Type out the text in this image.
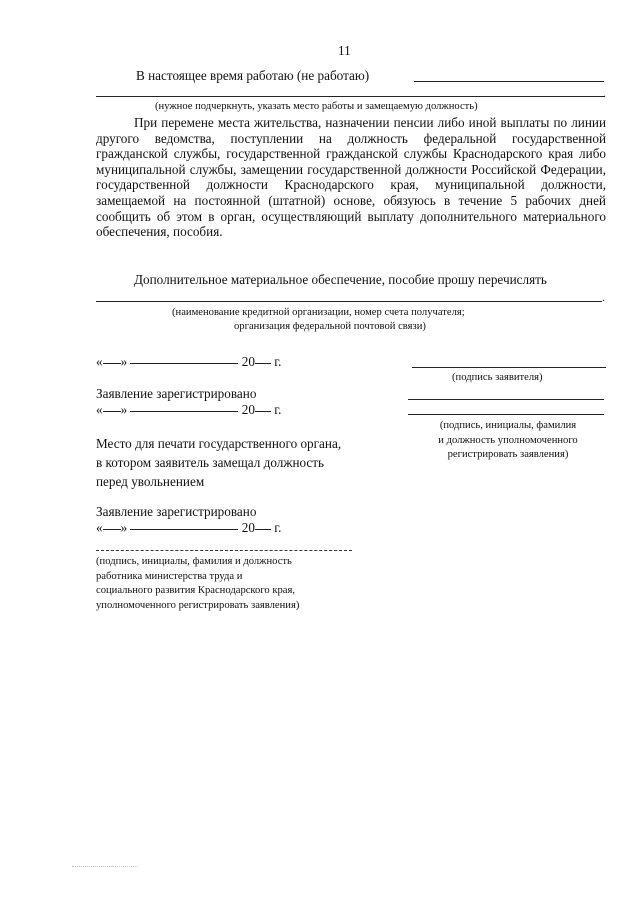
11
В настоящее время работаю (не работаю)
.
(нужное подчеркнуть, указать место работы и замещаемую должность)
При перемене места жительства, назначении пенсии либо иной выплаты по линии другого ведомства, поступлении на должность федеральной государственной гражданской службы, государственной гражданской службы Краснодарского края либо муниципальной службы, замещении государственной должности Российской Федерации, государственной должности Краснодарского края, муниципальной должности, замещаемой на постоянной (штатной) основе, обязуюсь в течение 5 рабочих дней сообщить об этом в орган, осуществляющий выплату дополнительного материального обеспечения, пособия.
Дополнительное материальное обеспечение, пособие прошу перечислять
.
(наименование кредитной организации, номер счета получателя;
организация федеральной почтовой связи)
« »	20 г.
(подпись заявителя)
Заявление зарегистрировано
« »	20 г.
(подпись, инициалы, фамилия
и должность уполномоченного
регистрировать заявления)
Место для печати государственного органа,
в котором заявитель замещал должность
перед увольнением
Заявление зарегистрировано
« »	20 г.
(подпись, инициалы, фамилия и должность
работника министерства труда и
социального развития Краснодарского края,
уполномоченного регистрировать заявления)
